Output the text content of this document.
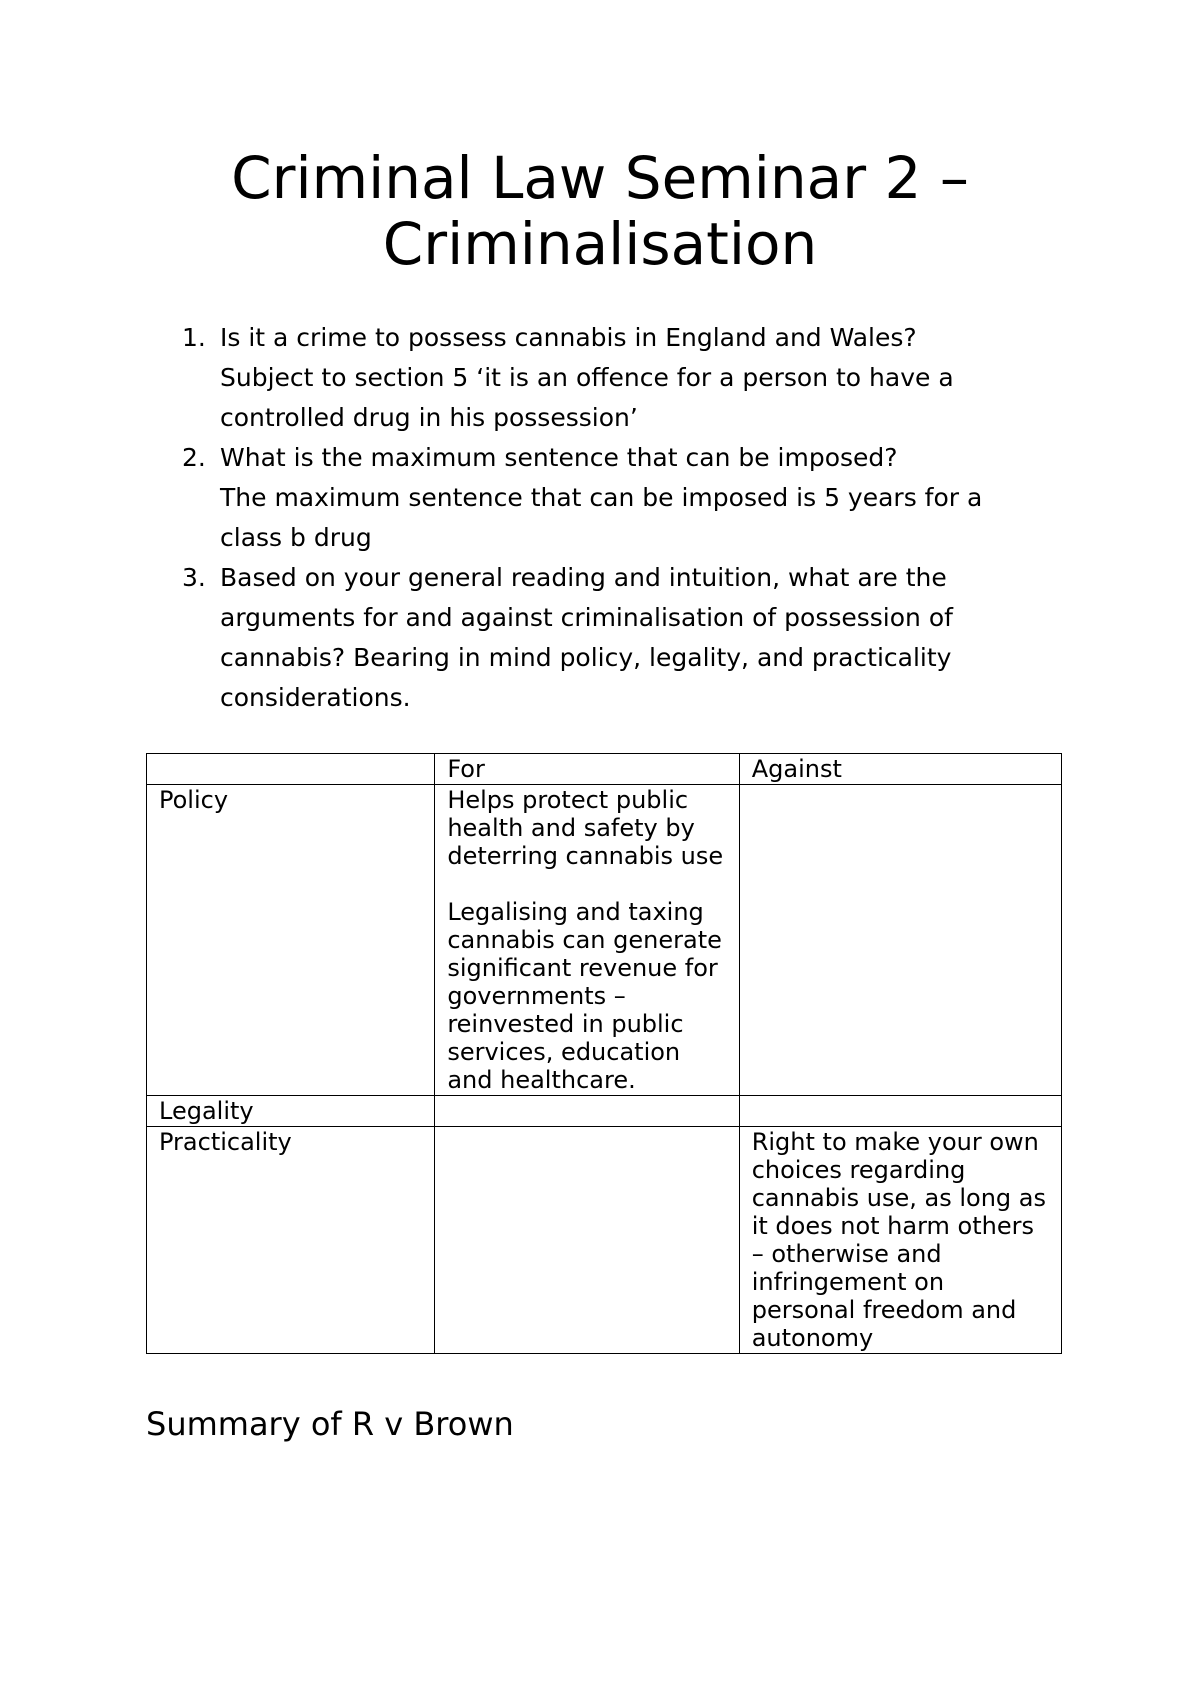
Criminal Law Seminar 2 – Criminalisation
1. Is it a crime to possess cannabis in England and Wales?
Subject to section 5 ‘it is an offence for a person to have a controlled drug in his possession’
2. What is the maximum sentence that can be imposed?
The maximum sentence that can be imposed is 5 years for a class b drug
3. Based on your general reading and intuition, what are the arguments for and against criminalisation of possession of cannabis? Bearing in mind policy, legality, and practicality considerations.
	For	Against
Policy	Helps protect public health and safety by deterring cannabis use
Legalising and taxing cannabis can generate significant revenue for governments – reinvested in public services, education and healthcare.	
Legality		
Practicality		Right to make your own choices regarding cannabis use, as long as it does not harm others – otherwise and infringement on personal freedom and autonomy
Summary of R v Brown
